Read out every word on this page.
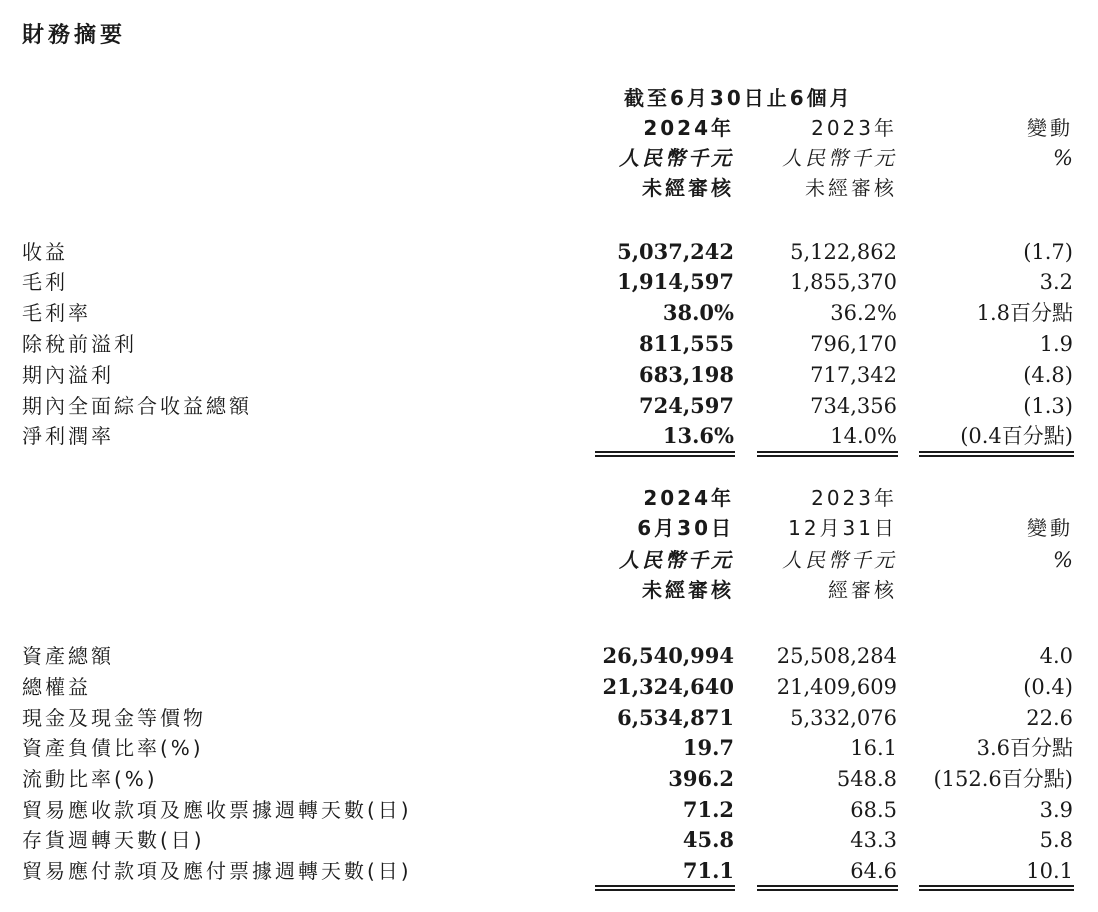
財務摘要
截至6月30日止6個月
2024年
人民幣千元
未經審核
2023年
人民幣千元
未經審核
變動
%
收益	5,037,242	5,122,862	(1.7)
毛利	1,914,597	1,855,370	3.2
毛利率	38.0%	36.2%	1.8百分點
除稅前溢利	811,555	796,170	1.9
期內溢利	683,198	717,342	(4.8)
期內全面綜合收益總額	724,597	734,356	(1.3)
淨利潤率	13.6%	14.0%	(0.4百分點)
2024年
6月30日
人民幣千元
未經審核
2023年
12月31日
人民幣千元
經審核
變動
%
資產總額	26,540,994 25,508,284	4.0
總權益	21,324,640 21,409,609	(0.4)
現金及現金等價物	6,534,871	5,332,076	22.6
資產負債比率(%)	19.7	16.1	3.6百分點
流動比率(%)	396.2	548.8 (152.6百分點)
貿易應收款項及應收票據週轉天數(日)	71.2	68.5	3.9
存貨週轉天數(日)	45.8	43.3	5.8
貿易應付款項及應付票據週轉天數(日)	71.1	64.6	10.1
